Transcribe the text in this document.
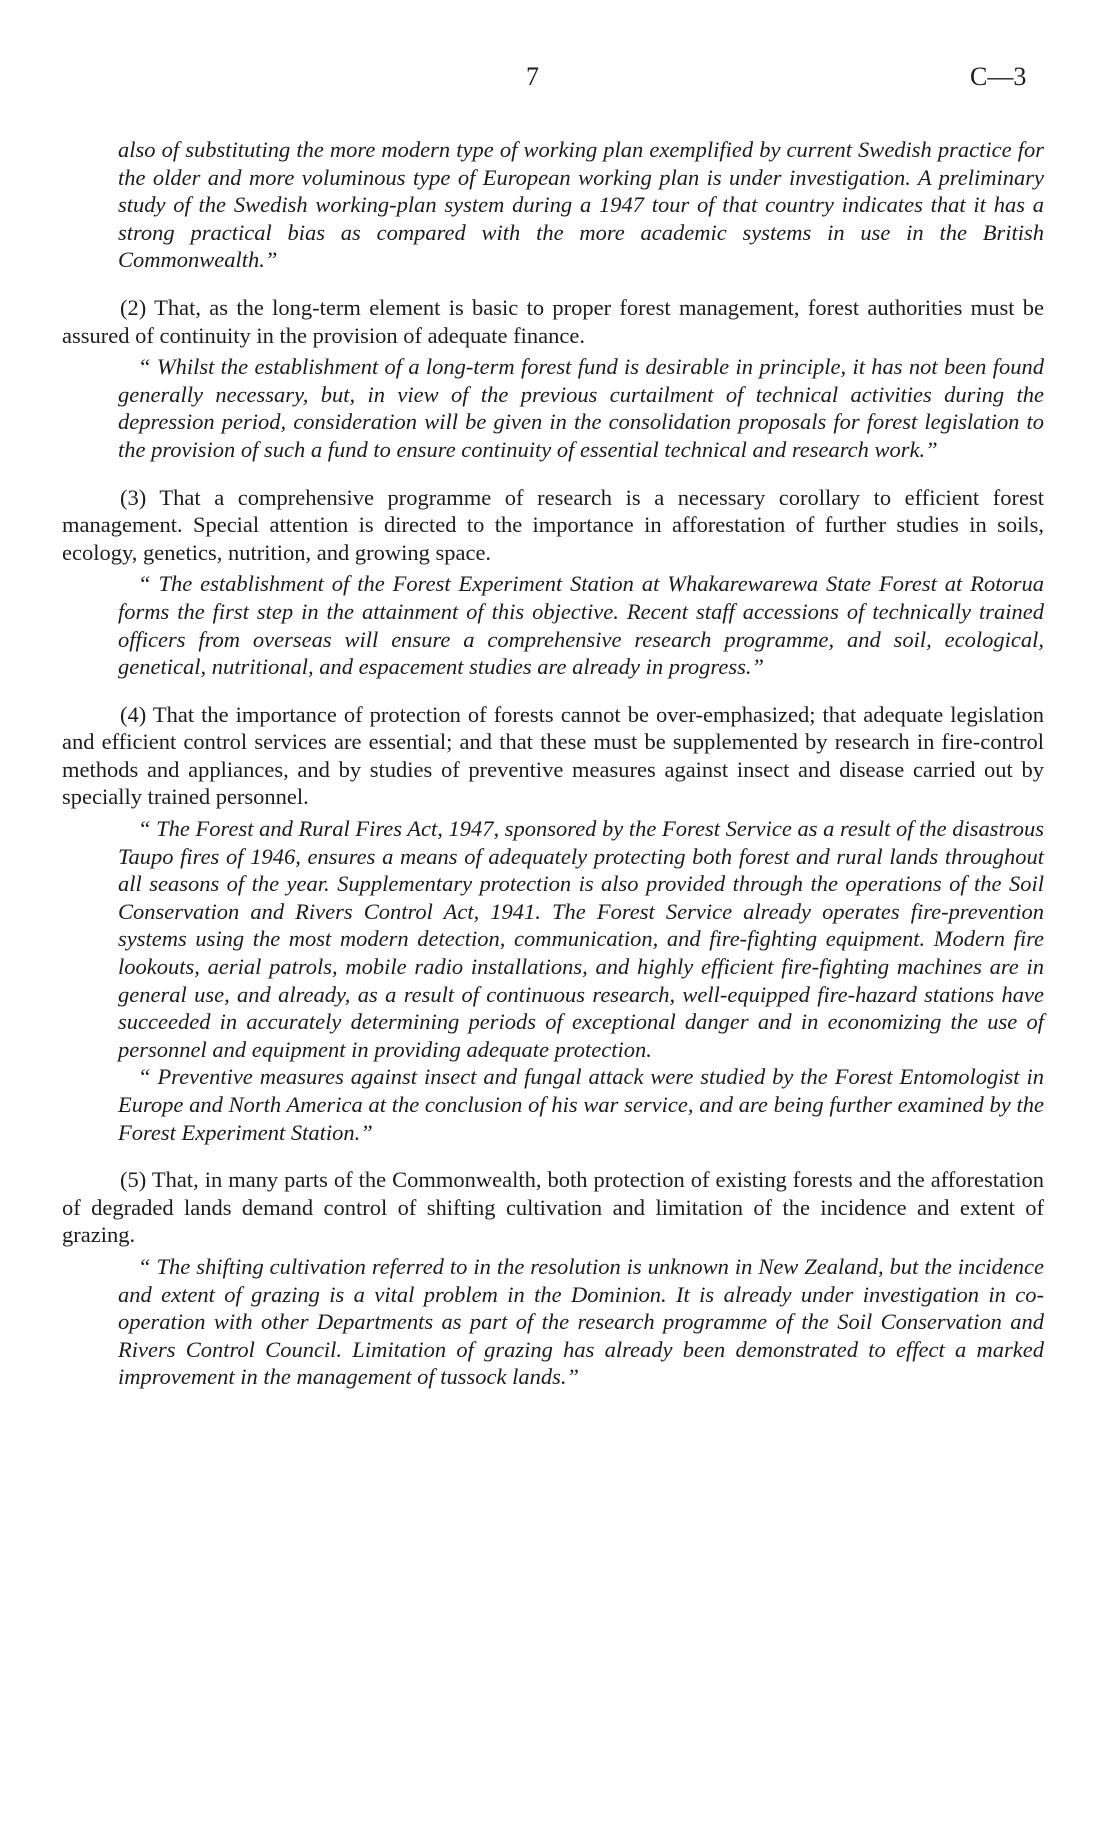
7	C—3

also of substituting the more modern type of working plan exemplified by current Swedish practice for the older and more voluminous type of European working plan is under investigation. A preliminary study of the Swedish working-plan system during a 1947 tour of that country indicates that it has a strong practical bias as compared with the more academic systems in use in the British Commonwealth.”

(2) That, as the long-term element is basic to proper forest management, forest authorities must be assured of continuity in the provision of adequate finance.

“ Whilst the establishment of a long-term forest fund is desirable in principle, it has not been found generally necessary, but, in view of the previous curtailment of technical activities during the depression period, consideration will be given in the consolidation proposals for forest legislation to the provision of such a fund to ensure continuity of essential technical and research work.”

(3) That a comprehensive programme of research is a necessary corollary to efficient forest management. Special attention is directed to the importance in afforestation of further studies in soils, ecology, genetics, nutrition, and growing space.

“ The establishment of the Forest Experiment Station at Whakarewarewa State Forest at Rotorua forms the first step in the attainment of this objective. Recent staff accessions of technically trained officers from overseas will ensure a comprehensive research programme, and soil, ecological, genetical, nutritional, and espacement studies are already in progress.”

(4) That the importance of protection of forests cannot be over-emphasized; that adequate legislation and efficient control services are essential; and that these must be supplemented by research in fire-control methods and appliances, and by studies of preventive measures against insect and disease carried out by specially trained personnel.

“ The Forest and Rural Fires Act, 1947, sponsored by the Forest Service as a result of the disastrous Taupo fires of 1946, ensures a means of adequately protecting both forest and rural lands throughout all seasons of the year. Supplementary protection is also provided through the operations of the Soil Conservation and Rivers Control Act, 1941. The Forest Service already operates fire-prevention systems using the most modern detection, communication, and fire-fighting equipment. Modern fire lookouts, aerial patrols, mobile radio installations, and highly efficient fire-fighting machines are in general use, and already, as a result of continuous research, well-equipped fire-hazard stations have succeeded in accurately determining periods of exceptional danger and in economizing the use of personnel and equipment in providing adequate protection.

“ Preventive measures against insect and fungal attack were studied by the Forest Entomologist in Europe and North America at the conclusion of his war service, and are being further examined by the Forest Experiment Station.”

(5) That, in many parts of the Commonwealth, both protection of existing forests and the afforestation of degraded lands demand control of shifting cultivation and limitation of the incidence and extent of grazing.

“ The shifting cultivation referred to in the resolution is unknown in New Zealand, but the incidence and extent of grazing is a vital problem in the Dominion. It is already under investigation in co-operation with other Departments as part of the research programme of the Soil Conservation and Rivers Control Council. Limitation of grazing has already been demonstrated to effect a marked improvement in the management of tussock lands.”
